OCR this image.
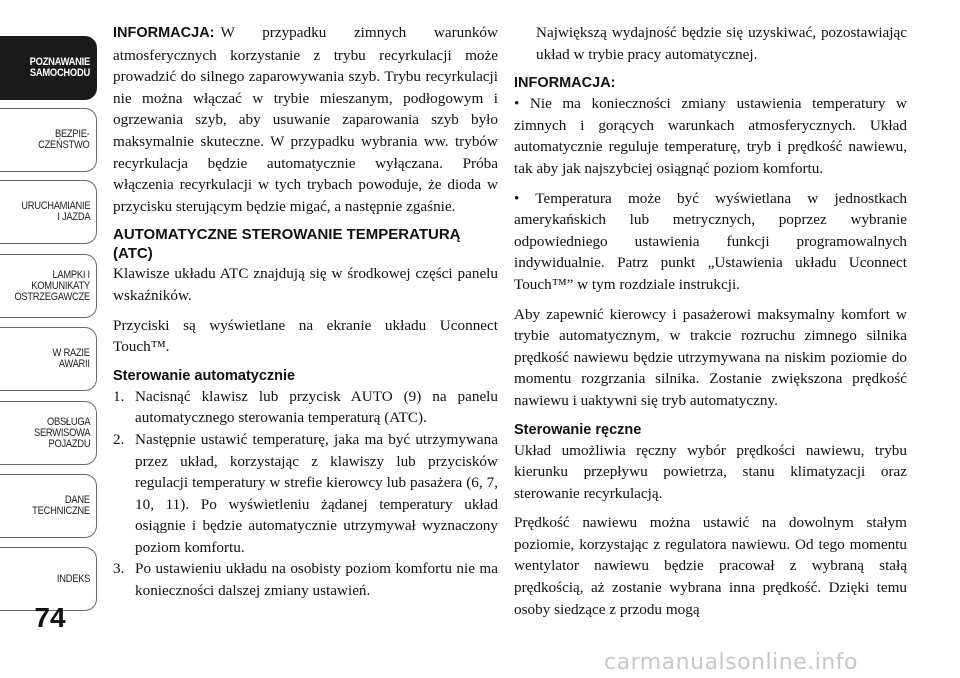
POZNAWANIE
SAMOCHODU
BEZPIE-
CZEŃSTWO
URUCHAMIANIE
I JAZDA
LAMPKI I
KOMUNIKATY
OSTRZEGAWCZE
W RAZIE
AWARII
OBSŁUGA
SERWISOWA
POJAZDU
DANE
TECHNICZNE
INDEKS
74

INFORMACJA: W przypadku zimnych warunków atmosferycznych korzystanie z trybu recyrkulacji może prowadzić do silnego zaparowywania szyb. Trybu recyrkulacji nie można włączać w trybie mieszanym, podłogowym i ogrzewania szyb, aby usuwanie zaparowania szyb było maksymalnie skuteczne. W przypadku wybrania ww. trybów recyrkulacja będzie automatycznie wyłączana. Próba włączenia recyrkulacji w tych trybach powoduje, że dioda w przycisku sterującym będzie migać, a następnie zgaśnie.

AUTOMATYCZNE STEROWANIE TEMPERATURĄ (ATC)

Klawisze układu ATC znajdują się w środkowej części panelu wskaźników.

Przyciski są wyświetlane na ekranie układu Uconnect Touch™.

Sterowanie automatycznie
1. Nacisnąć klawisz lub przycisk AUTO (9) na panelu automatycznego sterowania temperaturą (ATC).
2. Następnie ustawić temperaturę, jaka ma być utrzymywana przez układ, korzystając z klawiszy lub przycisków regulacji temperatury w strefie kierowcy lub pasażera (6, 7, 10, 11). Po wyświetleniu żądanej temperatury układ osiągnie i będzie automatycznie utrzymywał wyznaczony poziom komfortu.
3. Po ustawieniu układu na osobisty poziom komfortu nie ma konieczności dalszej zmiany ustawień.

Największą wydajność będzie się uzyskiwać, pozostawiając układ w trybie pracy automatycznej.

INFORMACJA:

• Nie ma konieczności zmiany ustawienia temperatury w zimnych i gorących warunkach atmosferycznych. Układ automatycznie reguluje temperaturę, tryb i prędkość nawiewu, tak aby jak najszybciej osiągnąć poziom komfortu.

• Temperatura może być wyświetlana w jednostkach amerykańskich lub metrycznych, poprzez wybranie odpowiedniego ustawienia funkcji programowalnych indywidualnie. Patrz punkt „Ustawienia układu Uconnect Touch™” w tym rozdziale instrukcji.

Aby zapewnić kierowcy i pasażerowi maksymalny komfort w trybie automatycznym, w trakcie rozruchu zimnego silnika prędkość nawiewu będzie utrzymywana na niskim poziomie do momentu rozgrzania silnika. Zostanie zwiększona prędkość nawiewu i uaktywni się tryb automatyczny.

Sterowanie ręczne

Układ umożliwia ręczny wybór prędkości nawiewu, trybu kierunku przepływu powietrza, stanu klimatyzacji oraz sterowanie recyrkulacją.

Prędkość nawiewu można ustawić na dowolnym stałym poziomie, korzystając z regulatora nawiewu. Od tego momentu wentylator nawiewu będzie pracował z wybraną stałą prędkością, aż zostanie wybrana inna prędkość. Dzięki temu osoby siedzące z przodu mogą

carmanualsonline.info
